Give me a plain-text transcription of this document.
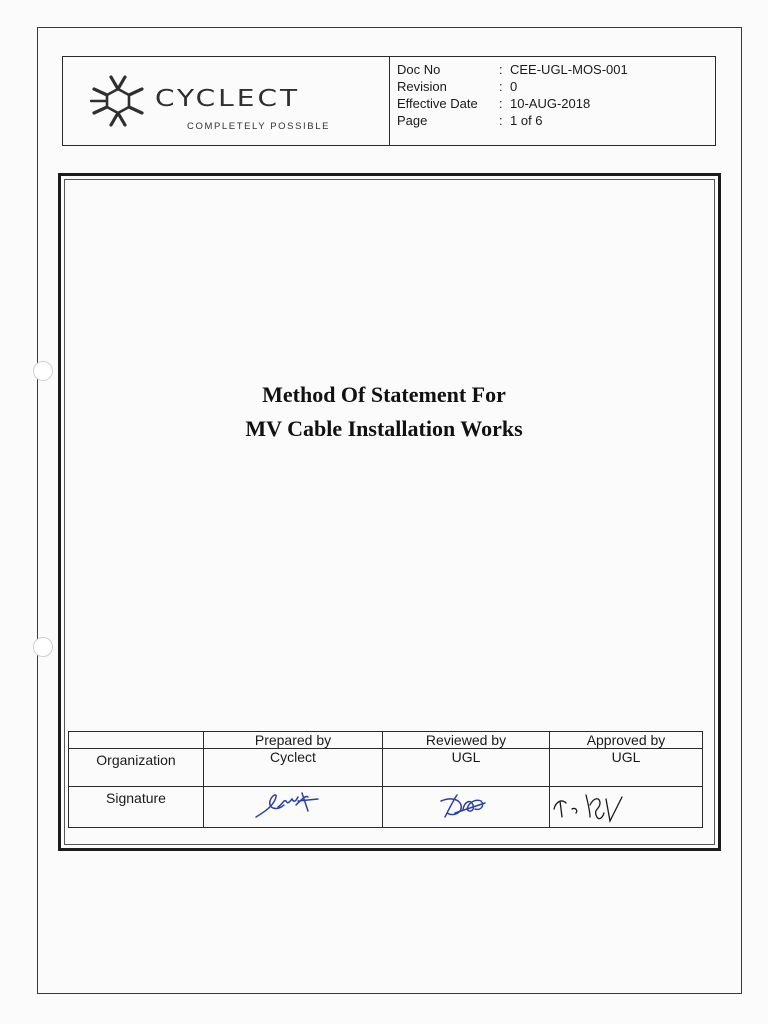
CYCLECT
COMPLETELY POSSIBLE
Doc No	: CEE-UGL-MOS-001
Revision	: 0
Effective Date : 10-AUG-2018
Page	: 1 of 6
Method Of Statement For
MV Cable Installation Works
	Prepared by	Reviewed by	Approved by
Organization	Cyclect	UGL	UGL
Signature	
